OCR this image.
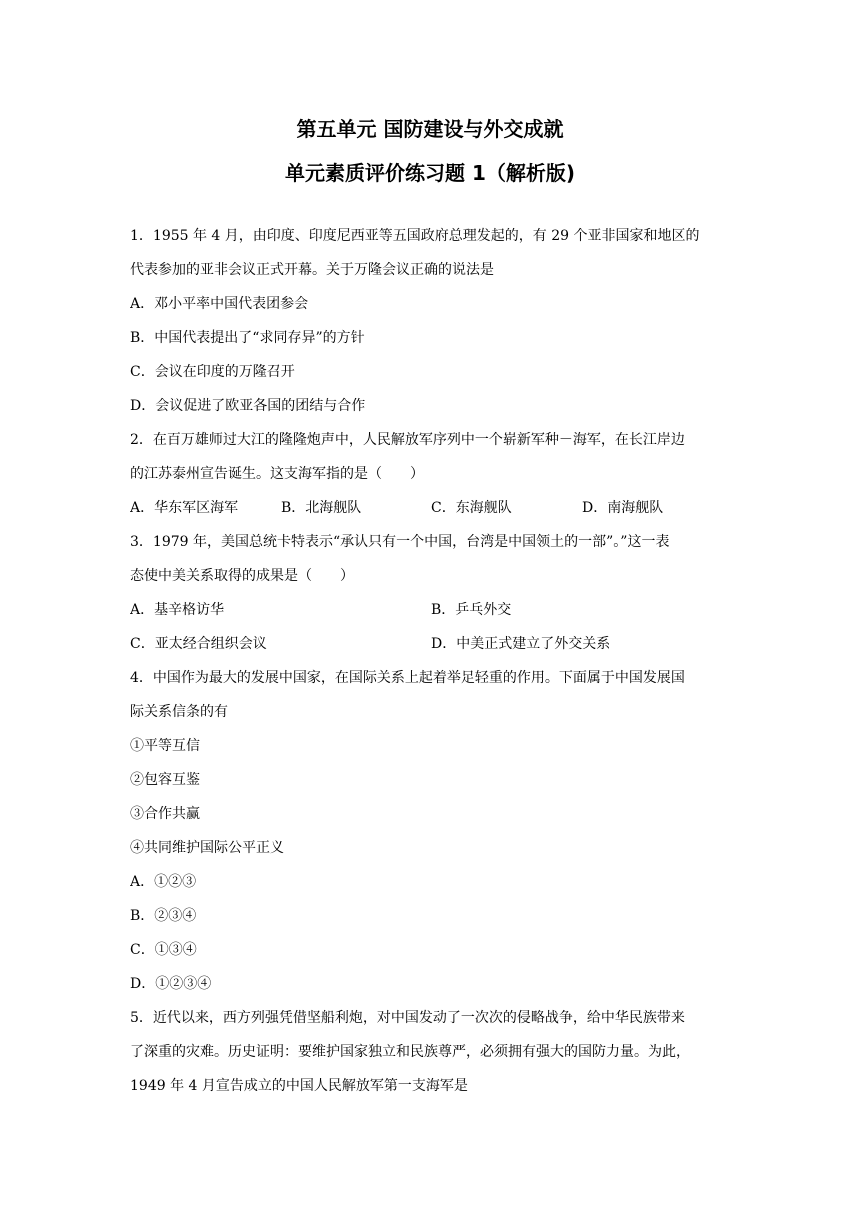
第五单元 国防建设与外交成就
单元素质评价练习题 1（解析版)
1．1955 年 4 月，由印度、印度尼西亚等五国政府总理发起的，有 29 个亚非国家和地区的
代表参加的亚非会议正式开幕。关于万隆会议正确的说法是
A．邓小平率中国代表团参会
B．中国代表提出了“求同存异”的方针
C．会议在印度的万隆召开
D．会议促进了欧亚各国的团结与合作
2．在百万雄师过大江的隆隆炮声中，人民解放军序列中一个崭新军种－海军，在长江岸边
的江苏泰州宣告诞生。这支海军指的是（　　）
A．华东军区海军	B．北海舰队	C．东海舰队	D．南海舰队
3．1979 年，美国总统卡特表示“承认只有一个中国，台湾是中国领土的一部”。”这一表
态使中美关系取得的成果是（　　）
A．基辛格访华	B．乒乓外交
C．亚太经合组织会议	D．中美正式建立了外交关系
4．中国作为最大的发展中国家，在国际关系上起着举足轻重的作用。下面属于中国发展国
际关系信条的有
①平等互信
②包容互鉴
③合作共赢
④共同维护国际公平正义
A．①②③
B．②③④
C．①③④
D．①②③④
5．近代以来，西方列强凭借坚船利炮，对中国发动了一次次的侵略战争，给中华民族带来
了深重的灾难。历史证明：要维护国家独立和民族尊严，必须拥有强大的国防力量。为此，
1949 年 4 月宣告成立的中国人民解放军第一支海军是
